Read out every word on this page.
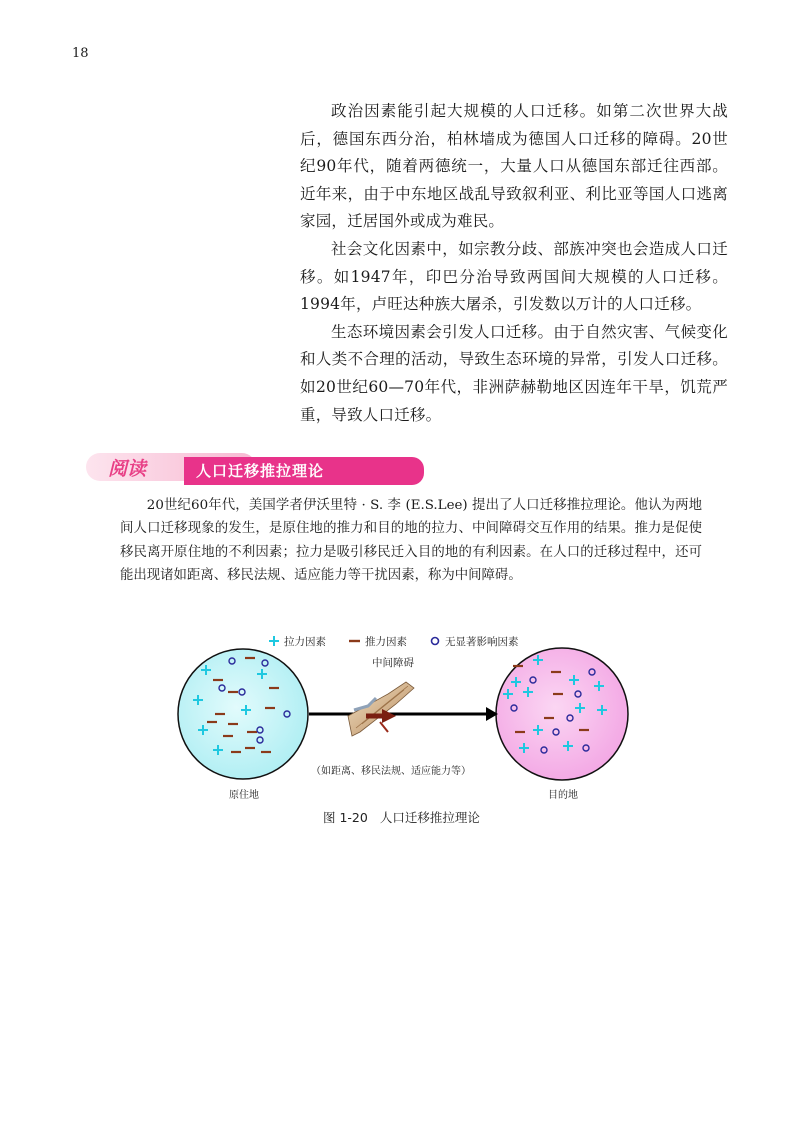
18

政治因素能引起大规模的人口迁移。如第二次世界大战后，德国东西分治，柏林墙成为德国人口迁移的障碍。20世纪90年代，随着两德统一，大量人口从德国东部迁往西部。近年来，由于中东地区战乱导致叙利亚、利比亚等国人口逃离家园，迁居国外或成为难民。

社会文化因素中，如宗教分歧、部族冲突也会造成人口迁移。如1947年，印巴分治导致两国间大规模的人口迁移。1994年，卢旺达种族大屠杀，引发数以万计的人口迁移。

生态环境因素会引发人口迁移。由于自然灾害、气候变化和人类不合理的活动，导致生态环境的异常，引发人口迁移。如20世纪60—70年代，非洲萨赫勒地区因连年干旱，饥荒严重，导致人口迁移。

人口迁移推拉理论
阅读

20世纪60年代，美国学者伊沃里特 · S. 李 (E.S.Lee) 提出了人口迁移推拉理论。他认为两地间人口迁移现象的发生，是原住地的推力和目的地的拉力、中间障碍交互作用的结果。推力是促使移民离开原住地的不利因素；拉力是吸引移民迁入目的地的有利因素。在人口的迁移过程中，还可能出现诸如距离、移民法规、适应能力等干扰因素，称为中间障碍。

拉力因素	推力因素	无显著影响因素
中间障碍
（如距离、移民法规、适应能力等）
原住地	目的地
图 1-20 人口迁移推拉理论
